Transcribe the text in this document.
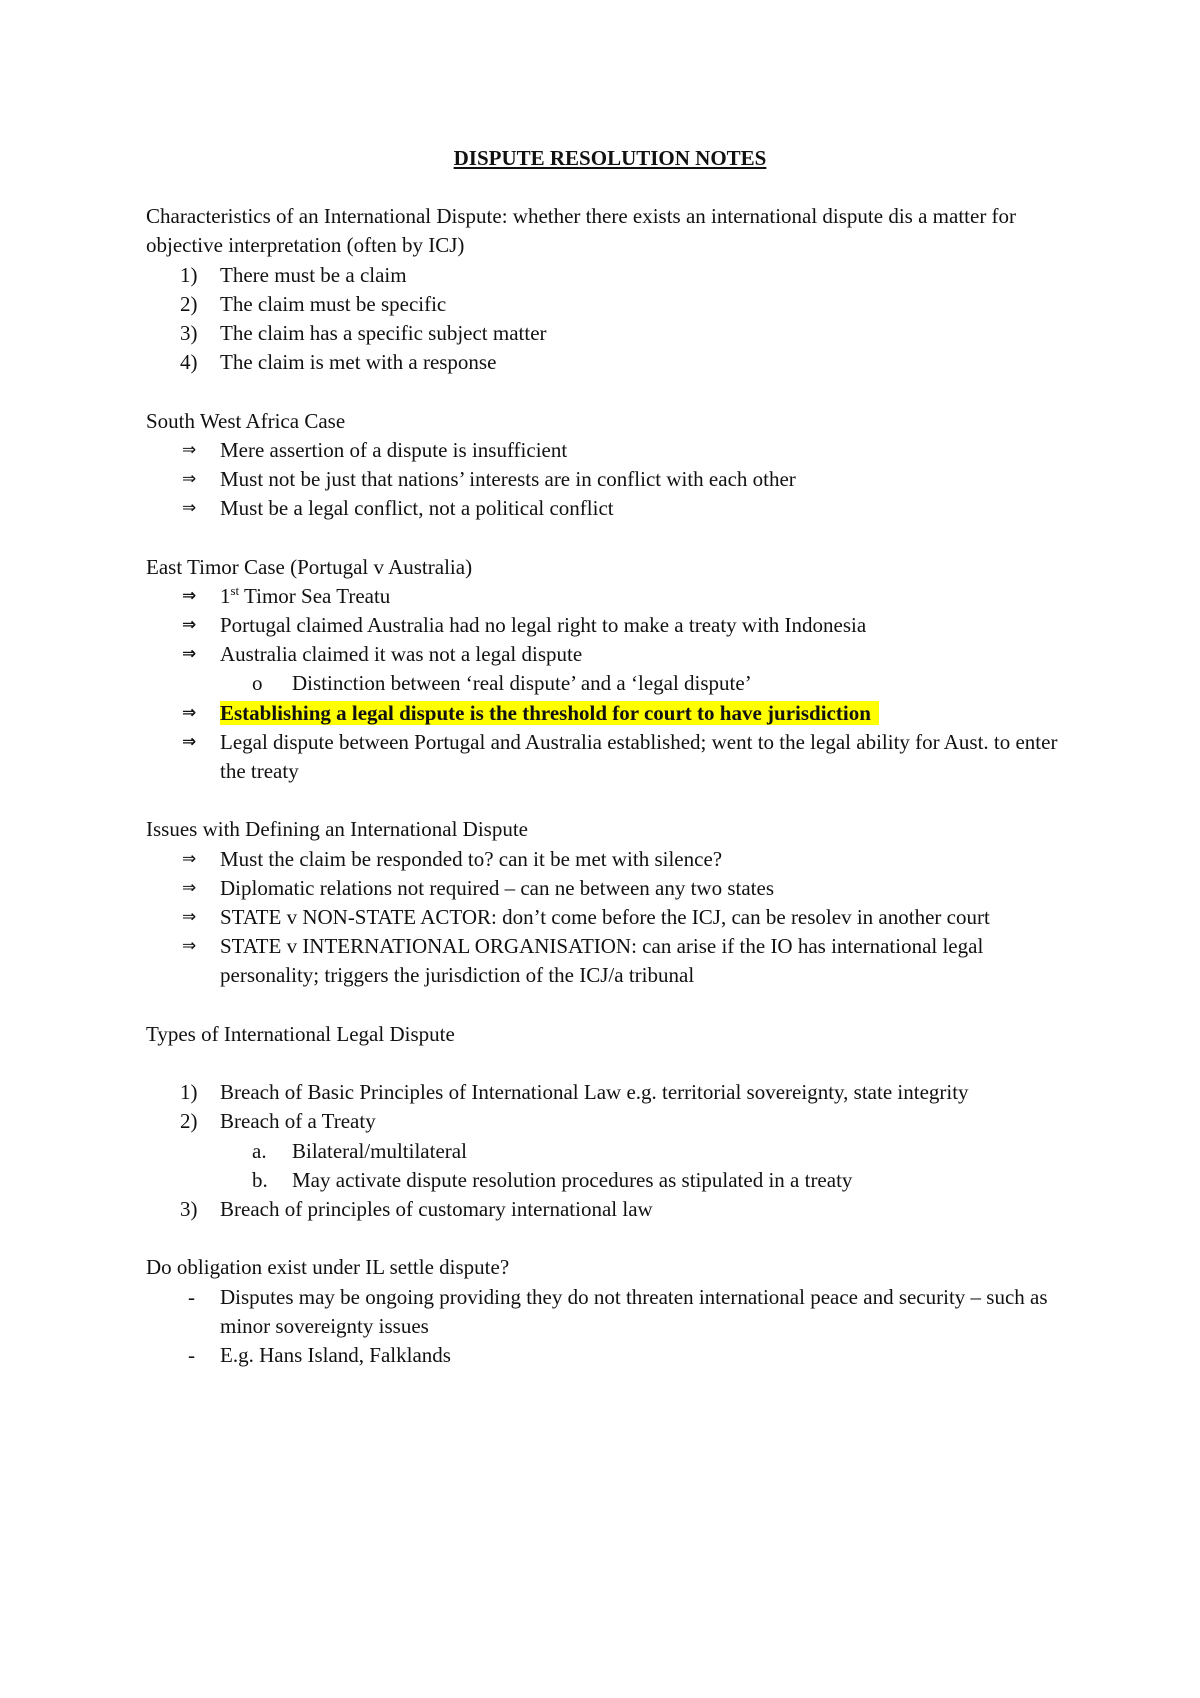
DISPUTE RESOLUTION NOTES

Characteristics of an International Dispute: whether there exists an international dispute dis a matter for objective interpretation (often by ICJ)

1)	There must be a claim
2)	The claim must be specific
3)	The claim has a specific subject matter
4)	The claim is met with a response

South West Africa Case

⇒	Mere assertion of a dispute is insufficient
⇒	Must not be just that nations’ interests are in conflict with each other
⇒	Must be a legal conflict, not a political conflict

East Timor Case (Portugal v Australia)

⇒	1st Timor Sea Treatu
⇒	Portugal claimed Australia had no legal right to make a treaty with Indonesia
⇒	Australia claimed it was not a legal dispute
o	Distinction between ‘real dispute’ and a ‘legal dispute’
⇒	Establishing a legal dispute is the threshold for court to have jurisdiction
⇒	Legal dispute between Portugal and Australia established; went to the legal ability for Aust. to enter the treaty

Issues with Defining an International Dispute

⇒	Must the claim be responded to? can it be met with silence?
⇒	Diplomatic relations not required – can ne between any two states
⇒	STATE v NON-STATE ACTOR: don’t come before the ICJ, can be resolev in another court
⇒	STATE v INTERNATIONAL ORGANISATION: can arise if the IO has international legal personality; triggers the jurisdiction of the ICJ/a tribunal

Types of International Legal Dispute

1)	Breach of Basic Principles of International Law e.g. territorial sovereignty, state integrity
2)	Breach of a Treaty
a.	Bilateral/multilateral
b.	May activate dispute resolution procedures as stipulated in a treaty
3)	Breach of principles of customary international law

Do obligation exist under IL settle dispute?

-	Disputes may be ongoing providing they do not threaten international peace and security – such as minor sovereignty issues
-	E.g. Hans Island, Falklands
